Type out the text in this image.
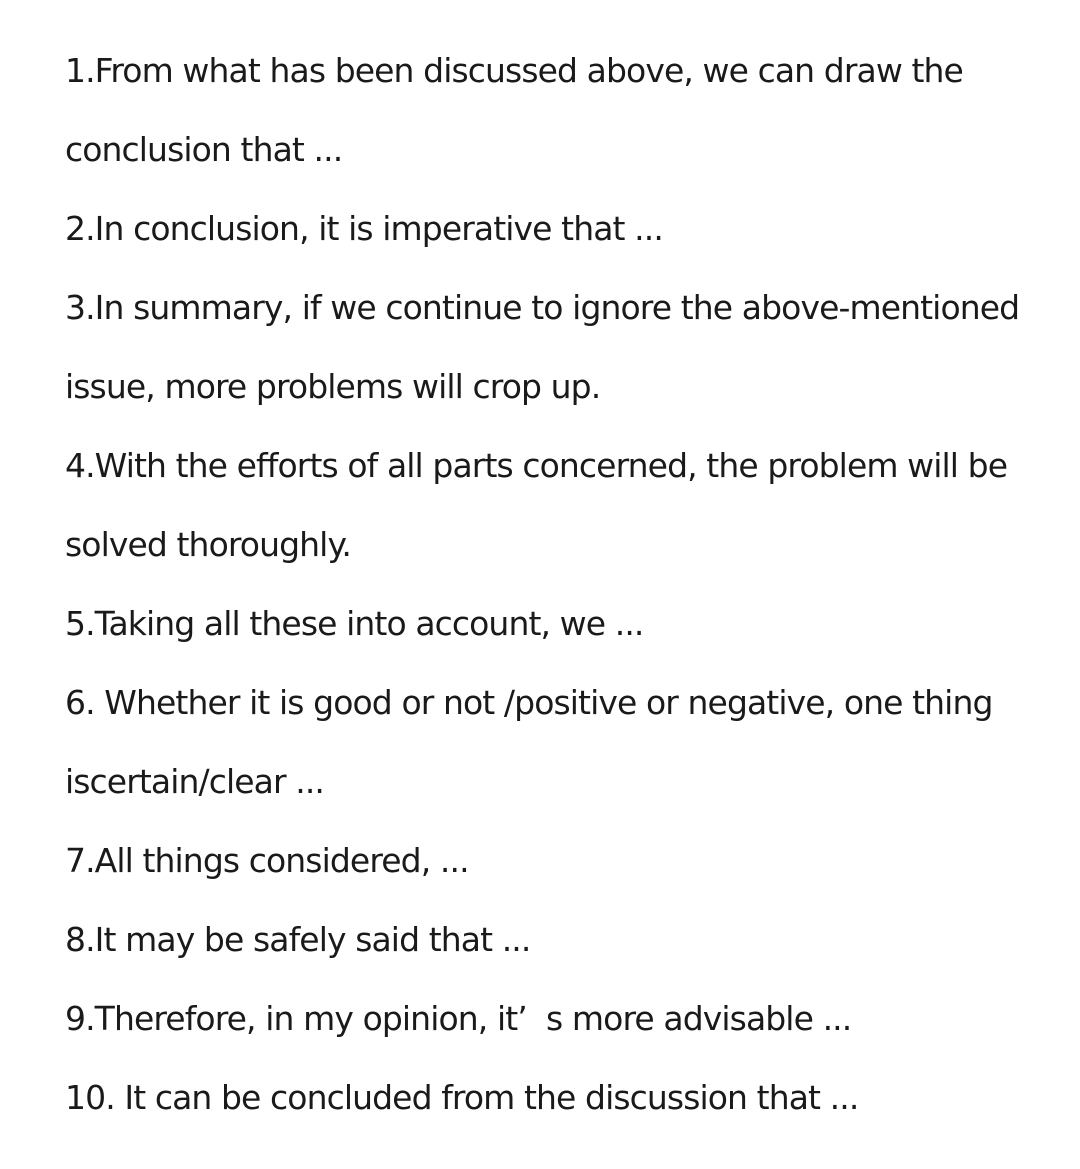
1.From what has been discussed above, we can draw the
conclusion that ...
2.In conclusion, it is imperative that ...
3.In summary, if we continue to ignore the above-mentioned
issue, more problems will crop up.
4.With the efforts of all parts concerned, the problem will be
solved thoroughly.
5.Taking all these into account, we ...
6. Whether it is good or not /positive or negative, one thing
iscertain/clear ...
7.All things considered, ...
8.It may be safely said that ...
9.Therefore, in my opinion, it’  s more advisable ...
10. It can be concluded from the discussion that ...
